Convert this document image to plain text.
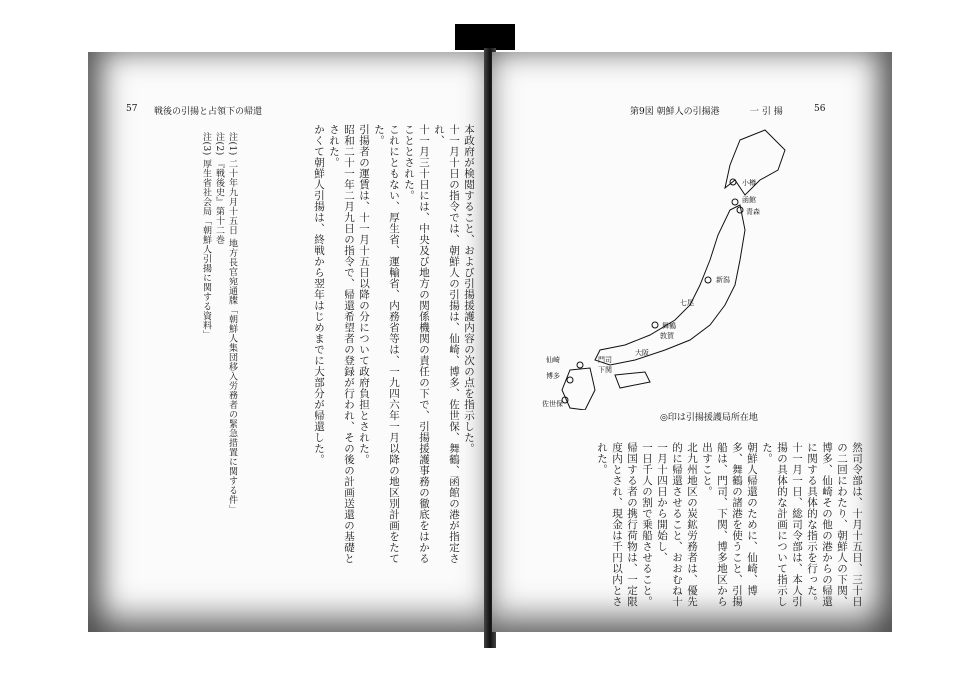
57 戦後の引揚と占領下の帰還

本政府が検閲すること、および引揚援護内容の次の点を指示した。

十一月十日の指令では、朝鮮人の引揚は、仙崎、博多、佐世保、舞鶴、函館の港が指定され、

十一月三十日には、中央及び地方の関係機関の責任の下で、引揚援護事務の徹底をはかることとされた。

これにともない、厚生省、運輸省、内務省等は、一九四六年一月以降の地区別計画をたてた。

引揚者の運賃は、十一月十五日以降の分について政府負担とされた。

昭和二十一年二月九日の指令で、帰還希望者の登録が行われ、その後の計画送還の基礎とされた。

かくて朝鮮人引揚は、終戦から翌年はじめまでに大部分が帰還した。

注(1) 二十年九月十五日 地方長官宛通牒「朝鮮人集団移入労務者の緊急措置に関する件」

注(2) 『戦後史』第十二巻

注(3) 厚生省社会局「朝鮮人引揚に関する資料」

一 引 揚	56

然司令部は、十月十五日、三十日の二回にわたり、朝鮮人の下関、博多、仙崎その他の港からの帰還に関する具体的な指示を行った。

十一月一日、総司令部は、本人引揚の具体的な計画について指示した。

朝鮮人帰還のために、仙崎、博多、舞鶴の諸港を使うこと、引揚船は、門司、下関、博多地区から出すこと。

北九州地区の炭鉱労務者は、優先的に帰還させること、おおむね十一月十四日から開始し、

一日千人の割で乗船させること。帰国する者の携行荷物は、一定限度内とされ、現金は千円以内とされた。

第9図 朝鮮人の引揚港
小樽
函館
青森
新潟
舞鶴
仙崎
博多
佐世保
門司
下関
敦賀
七尾
大阪
◎印は引揚援護局所在地
